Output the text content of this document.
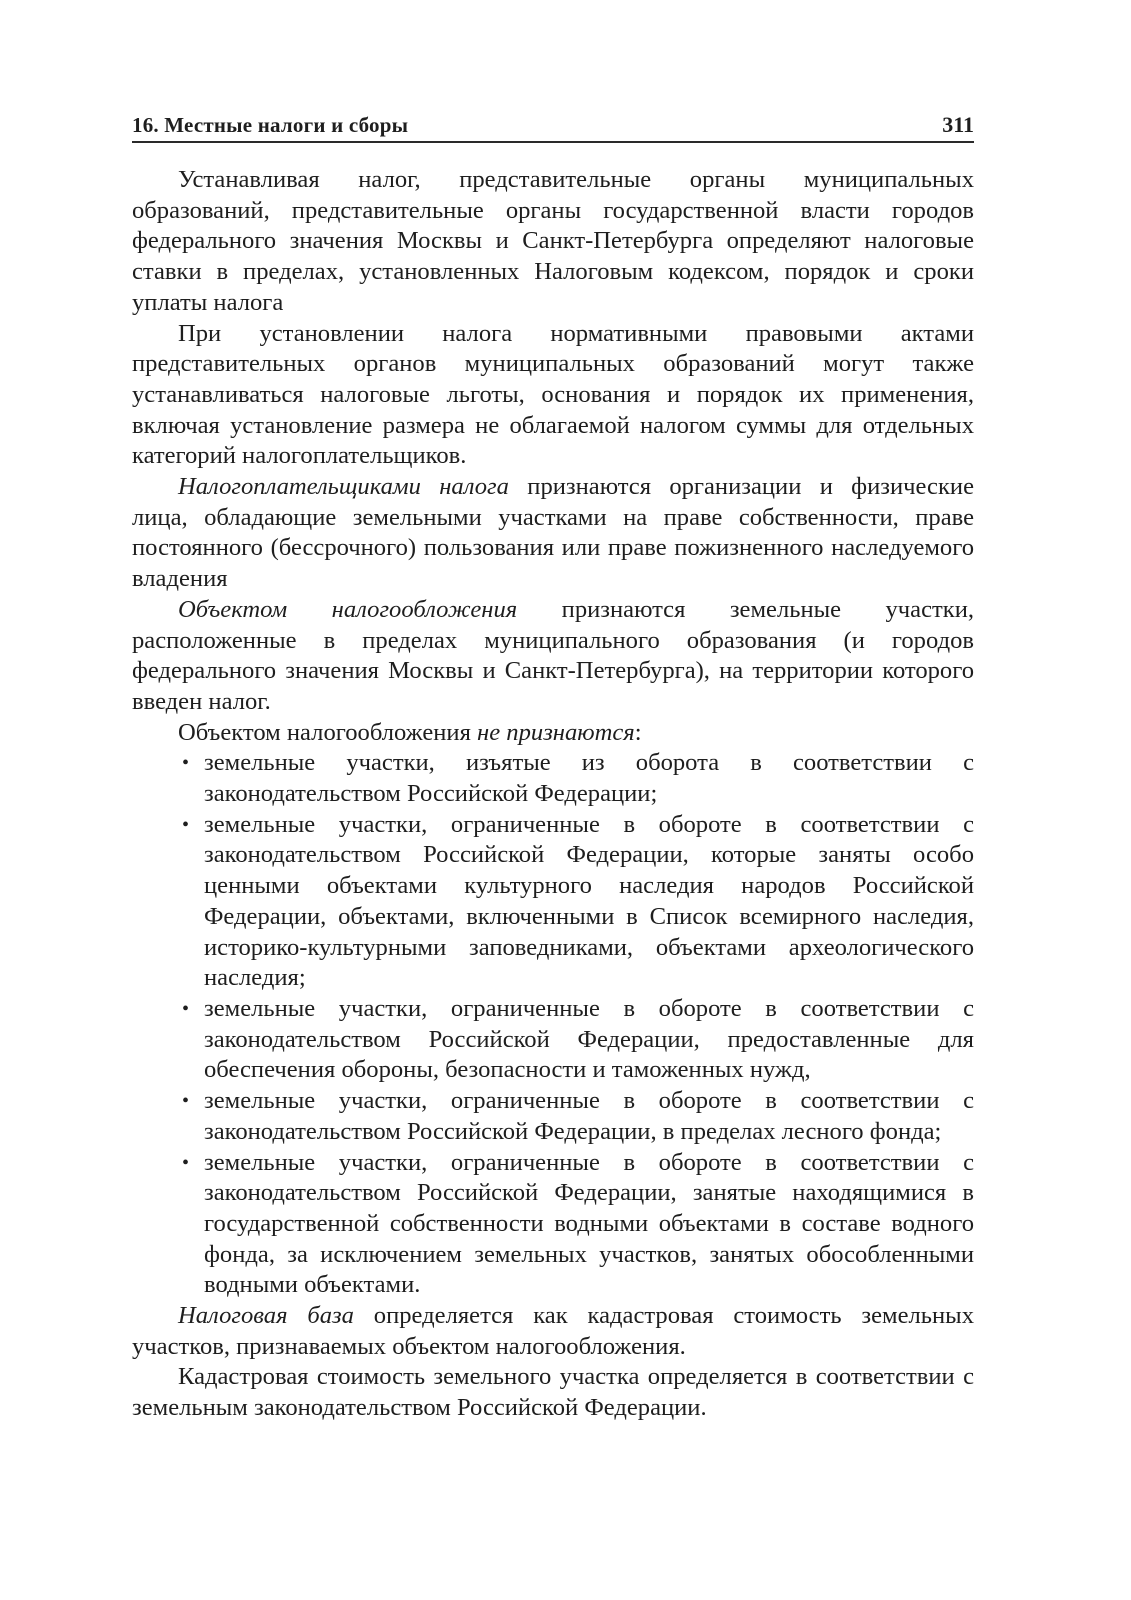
16. Местные налоги и сборы	311

Устанавливая налог, представительные органы муниципальных образований, представительные органы государственной власти городов федерального значения Москвы и Санкт-Петербурга определяют налоговые ставки в пределах, установленных Налоговым кодексом, порядок и сроки уплаты налога

При установлении налога нормативными правовыми актами представительных органов муниципальных образований могут также устанавливаться налоговые льготы, основания и порядок их применения, включая установление размера не облагаемой налогом суммы для отдельных категорий налогоплательщиков.

Налогоплательщиками налога признаются организации и физические лица, обладающие земельными участками на праве собственности, праве постоянного (бессрочного) пользования или праве пожизненного наследуемого владения

Объектом налогообложения признаются земельные участки, расположенные в пределах муниципального образования (и городов федерального значения Москвы и Санкт-Петербурга), на территории которого введен налог.

Объектом налогообложения не признаются:

• земельные участки, изъятые из оборота в соответствии с законодательством Российской Федерации;
• земельные участки, ограниченные в обороте в соответствии с законодательством Российской Федерации, которые заняты особо ценными объектами культурного наследия народов Российской Федерации, объектами, включенными в Список всемирного наследия, историко-культурными заповедниками, объектами археологического наследия;
• земельные участки, ограниченные в обороте в соответствии с законодательством Российской Федерации, предоставленные для обеспечения обороны, безопасности и таможенных нужд,
• земельные участки, ограниченные в обороте в соответствии с законодательством Российской Федерации, в пределах лесного фонда;
• земельные участки, ограниченные в обороте в соответствии с законодательством Российской Федерации, занятые находящимися в государственной собственности водными объектами в составе водного фонда, за исключением земельных участков, занятых обособленными водными объектами.

Налоговая база определяется как кадастровая стоимость земельных участков, признаваемых объектом налогообложения.

Кадастровая стоимость земельного участка определяется в соответствии с земельным законодательством Российской Федерации.
